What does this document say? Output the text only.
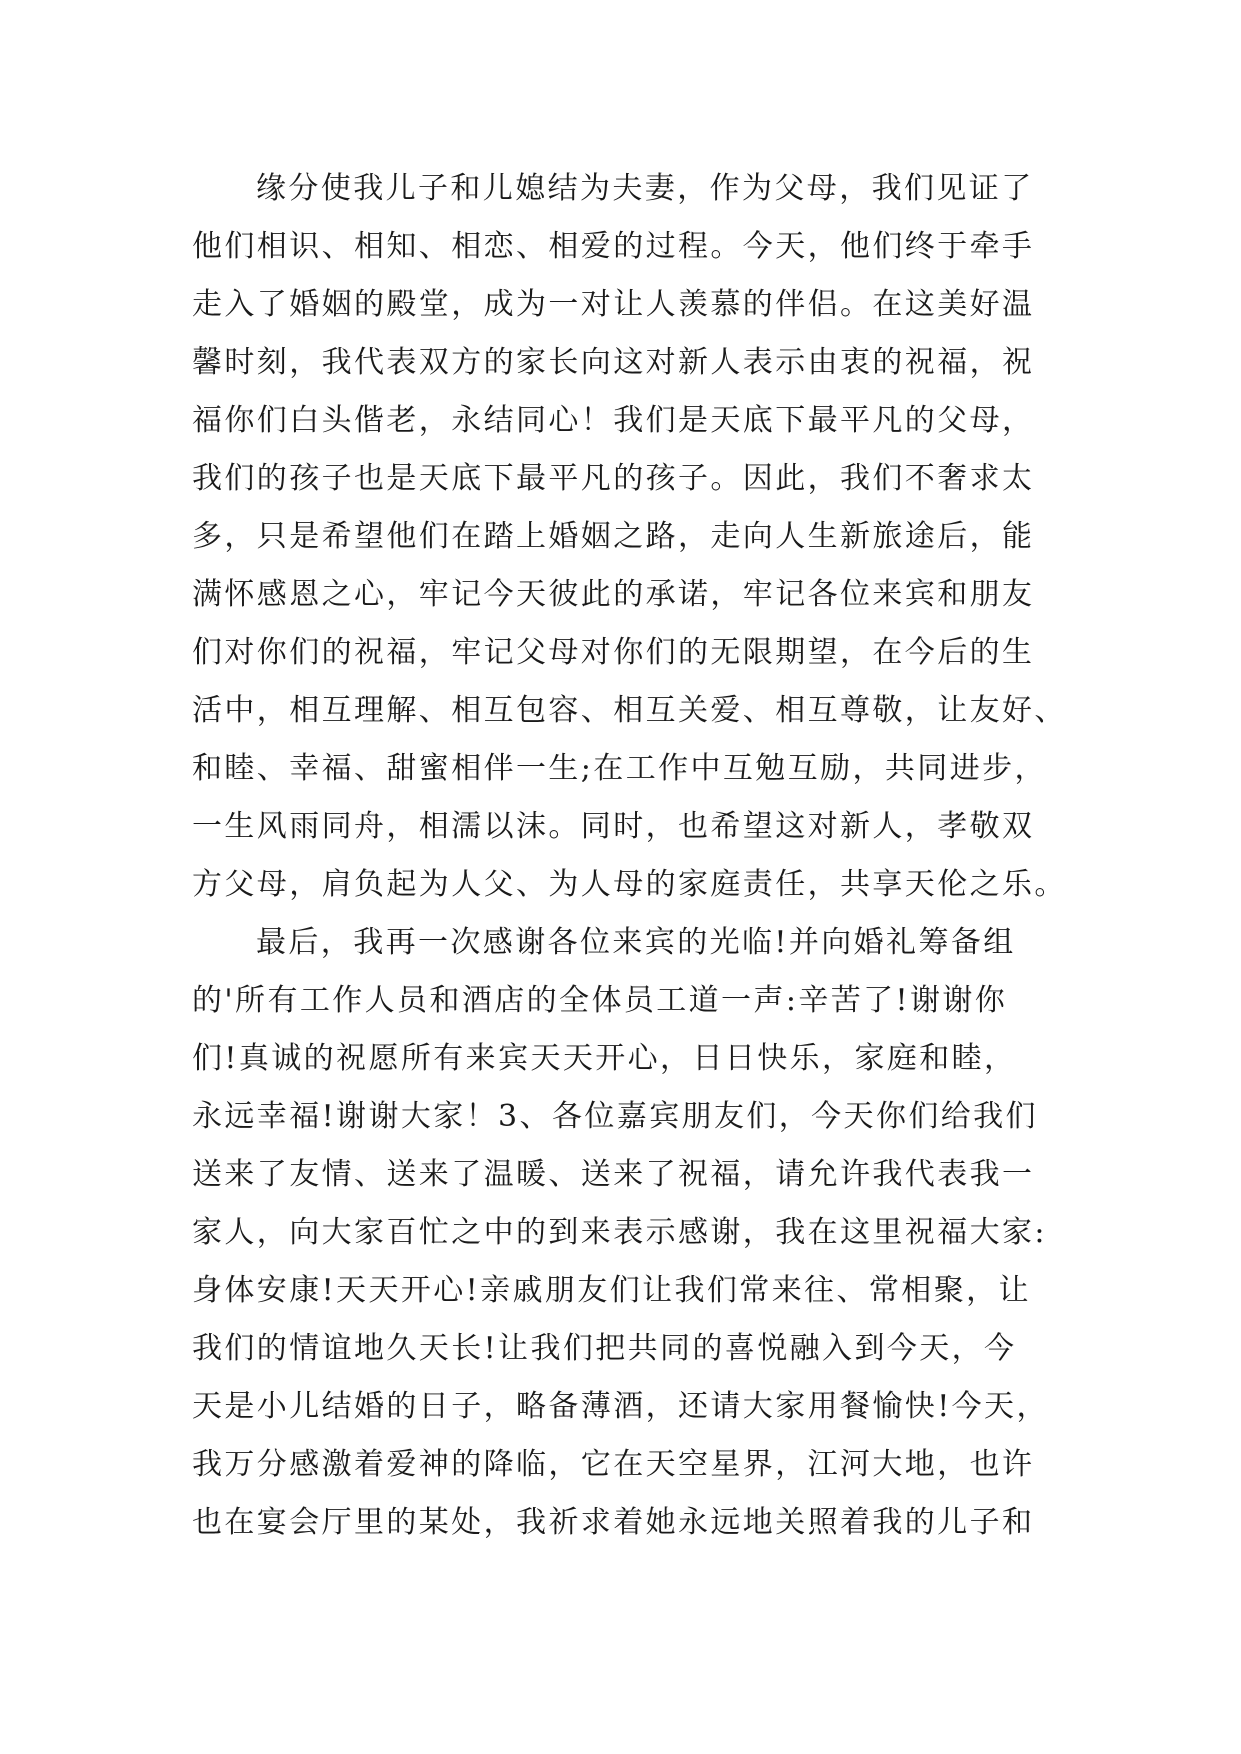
缘分使我儿子和儿媳结为夫妻，作为父母，我们见证了
他们相识、相知、相恋、相爱的过程。今天，他们终于牵手
走入了婚姻的殿堂，成为一对让人羡慕的伴侣。在这美好温
馨时刻，我代表双方的家长向这对新人表示由衷的祝福，祝
福你们白头偕老，永结同心！我们是天底下最平凡的父母，
我们的孩子也是天底下最平凡的孩子。因此，我们不奢求太
多，只是希望他们在踏上婚姻之路，走向人生新旅途后，能
满怀感恩之心，牢记今天彼此的承诺，牢记各位来宾和朋友
们对你们的祝福，牢记父母对你们的无限期望，在今后的生
活中，相互理解、相互包容、相互关爱、相互尊敬，让友好、
和睦、幸福、甜蜜相伴一生;在工作中互勉互励，共同进步，
一生风雨同舟，相濡以沫。同时，也希望这对新人，孝敬双
方父母，肩负起为人父、为人母的家庭责任，共享天伦之乐。
最后，我再一次感谢各位来宾的光临!并向婚礼筹备组
的'所有工作人员和酒店的全体员工道一声:辛苦了!谢谢你
们!真诚的祝愿所有来宾天天开心，日日快乐，家庭和睦，
永远幸福!谢谢大家！3、各位嘉宾朋友们，今天你们给我们
送来了友情、送来了温暖、送来了祝福，请允许我代表我一
家人，向大家百忙之中的到来表示感谢，我在这里祝福大家:
身体安康!天天开心!亲戚朋友们让我们常来往、常相聚，让
我们的情谊地久天长!让我们把共同的喜悦融入到今天，今
天是小儿结婚的日子，略备薄酒，还请大家用餐愉快!今天，
我万分感激着爱神的降临，它在天空星界，江河大地，也许
也在宴会厅里的某处，我祈求着她永远地关照着我的儿子和
